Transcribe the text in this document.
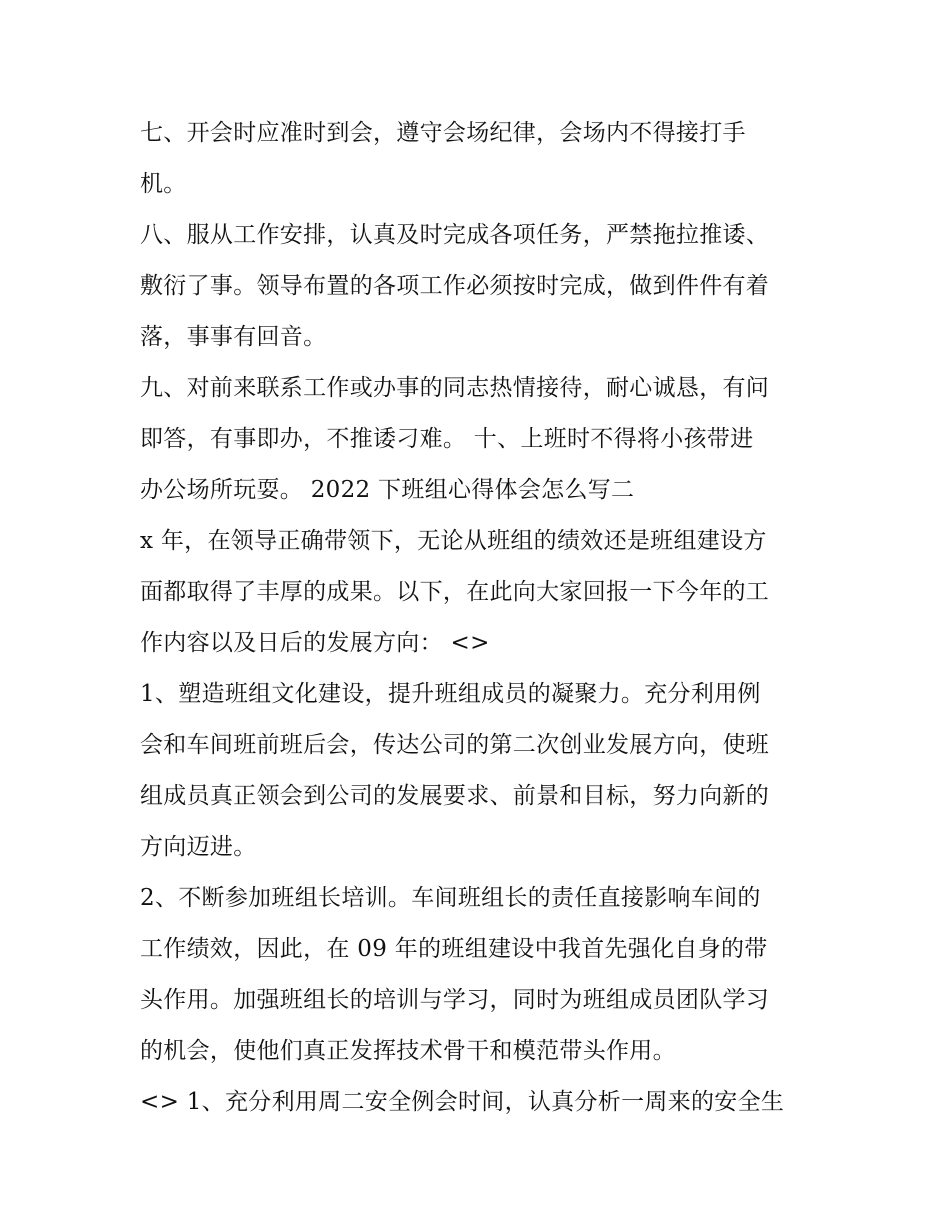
七、开会时应准时到会，遵守会场纪律，会场内不得接打手
机。
八、服从工作安排，认真及时完成各项任务，严禁拖拉推诿、
敷衍了事。领导布置的各项工作必须按时完成，做到件件有着
落，事事有回音。
九、对前来联系工作或办事的同志热情接待，耐心诚恳，有问
即答，有事即办，不推诿刁难。 十、上班时不得将小孩带进
办公场所玩耍。 2022 下班组心得体会怎么写二
x 年，在领导正确带领下，无论从班组的绩效还是班组建设方
面都取得了丰厚的成果。以下，在此向大家回报一下今年的工
作内容以及日后的发展方向： <>
1、塑造班组文化建设，提升班组成员的凝聚力。充分利用例
会和车间班前班后会，传达公司的第二次创业发展方向，使班
组成员真正领会到公司的发展要求、前景和目标，努力向新的
方向迈进。
2、不断参加班组长培训。车间班组长的责任直接影响车间的
工作绩效，因此，在 09 年的班组建设中我首先强化自身的带
头作用。加强班组长的培训与学习，同时为班组成员团队学习
的机会，使他们真正发挥技术骨干和模范带头作用。
<> 1、充分利用周二安全例会时间，认真分析一周来的安全生
